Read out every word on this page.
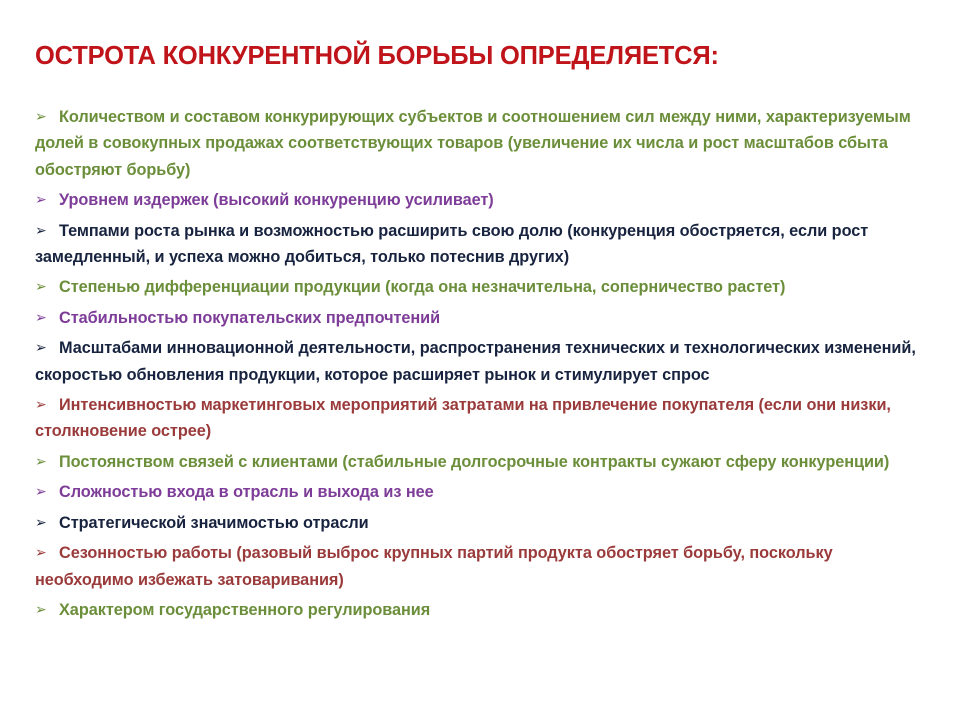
ОСТРОТА КОНКУРЕНТНОЙ БОРЬБЫ ОПРЕДЕЛЯЕТСЯ:
➢ Количеством и составом конкурирующих субъектов и соотношением сил между ними, характеризуемым долей в совокупных продажах соответствующих товаров (увеличение их числа и рост масштабов сбыта обостряют борьбу)
➢ Уровнем издержек (высокий конкуренцию усиливает)
➢ Темпами роста рынка и возможностью расширить свою долю (конкуренция обостряется, если рост замедленный, и успеха можно добиться, только потеснив других)
➢ Степенью дифференциации продукции (когда она незначительна, соперничество растет)
➢ Стабильностью покупательских предпочтений
➢ Масштабами инновационной деятельности, распространения технических и технологических изменений, скоростью обновления продукции, которое расширяет рынок и стимулирует спрос
➢ Интенсивностью маркетинговых мероприятий затратами на привлечение покупателя (если они низки, столкновение острее)
➢ Постоянством связей с клиентами (стабильные долгосрочные контракты сужают сферу конкуренции)
➢ Сложностью входа в отрасль и выхода из нее
➢ Стратегической значимостью отрасли
➢ Сезонностью работы (разовый выброс крупных партий продукта обостряет борьбу, поскольку необходимо избежать затоваривания)
➢ Характером государственного регулирования
